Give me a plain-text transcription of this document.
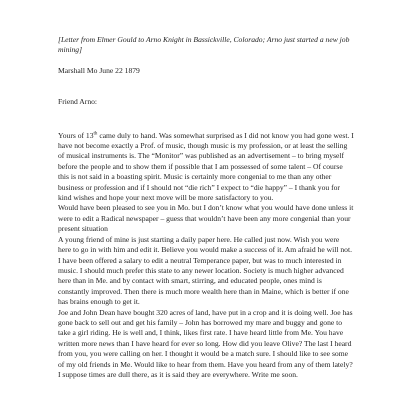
[Letter from Elmer Gould to Arno Knight in Bassickville, Colorado; Arno just started a new job mining]

Marshall Mo June 22 1879

Friend Arno:

Yours of 13th came duly to hand. Was somewhat surprised as I did not know you had gone west. I have not become exactly a Prof. of music, though music is my profession, or at least the selling of musical instruments is. The “Monitor” was published as an advertisement – to bring myself before the people and to show them if possible that I am possessed of some talent – Of course this is not said in a boasting spirit. Music is certainly more congenial to me than any other business or profession and if I should not “die rich” I expect to “die happy” – I thank you for kind wishes and hope your next move will be more satisfactory to you.

Would have been pleased to see you in Mo. but I don’t know what you would have done unless it were to edit a Radical newspaper – guess that wouldn’t have been any more congenial than your present situation

A young friend of mine is just starting a daily paper here. He called just now. Wish you were here to go in with him and edit it. Believe you would make a success of it. Am afraid he will not. I have been offered a salary to edit a neutral Temperance paper, but was to much interested in music. I should much prefer this state to any newer location. Society is much higher advanced here than in Me. and by contact with smart, stirring, and educated people, ones mind is constantly improved. Then there is much more wealth here than in Maine, which is better if one has brains enough to get it.

Joe and John Dean have bought 320 acres of land, have put in a crop and it is doing well. Joe has gone back to sell out and get his family – John has borrowed my mare and buggy and gone to take a girl riding. He is well and, I think, likes first rate. I have heard little from Me. You have written more news than I have heard for ever so long. How did you leave Olive? The last I heard from you, you were calling on her. I thought it would be a match sure. I should like to see some of my old friends in Me. Would like to hear from them. Have you heard from any of them lately? I suppose times are dull there, as it is said they are everywhere. Write me soon.
